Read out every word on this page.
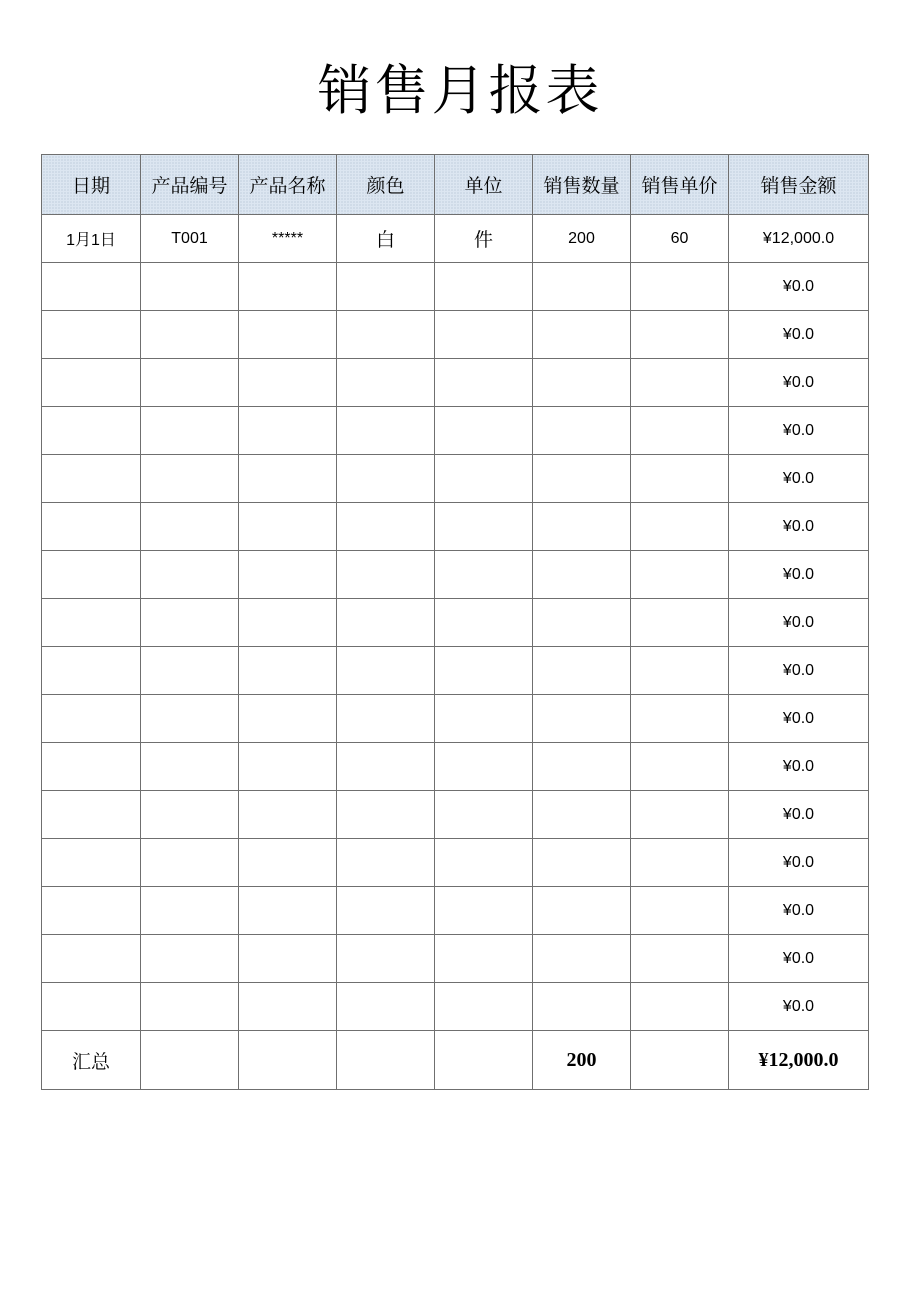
销售月报表
日期	产品编号	产品名称	颜色	单位	销售数量	销售单价	销售金额
1月1日	T001	*****	白	件	200	60	¥12,000.0
							¥0.0
							¥0.0
							¥0.0
							¥0.0
							¥0.0
							¥0.0
							¥0.0
							¥0.0
							¥0.0
							¥0.0
							¥0.0
							¥0.0
							¥0.0
							¥0.0
							¥0.0
							¥0.0
汇总					200		¥12,000.0
